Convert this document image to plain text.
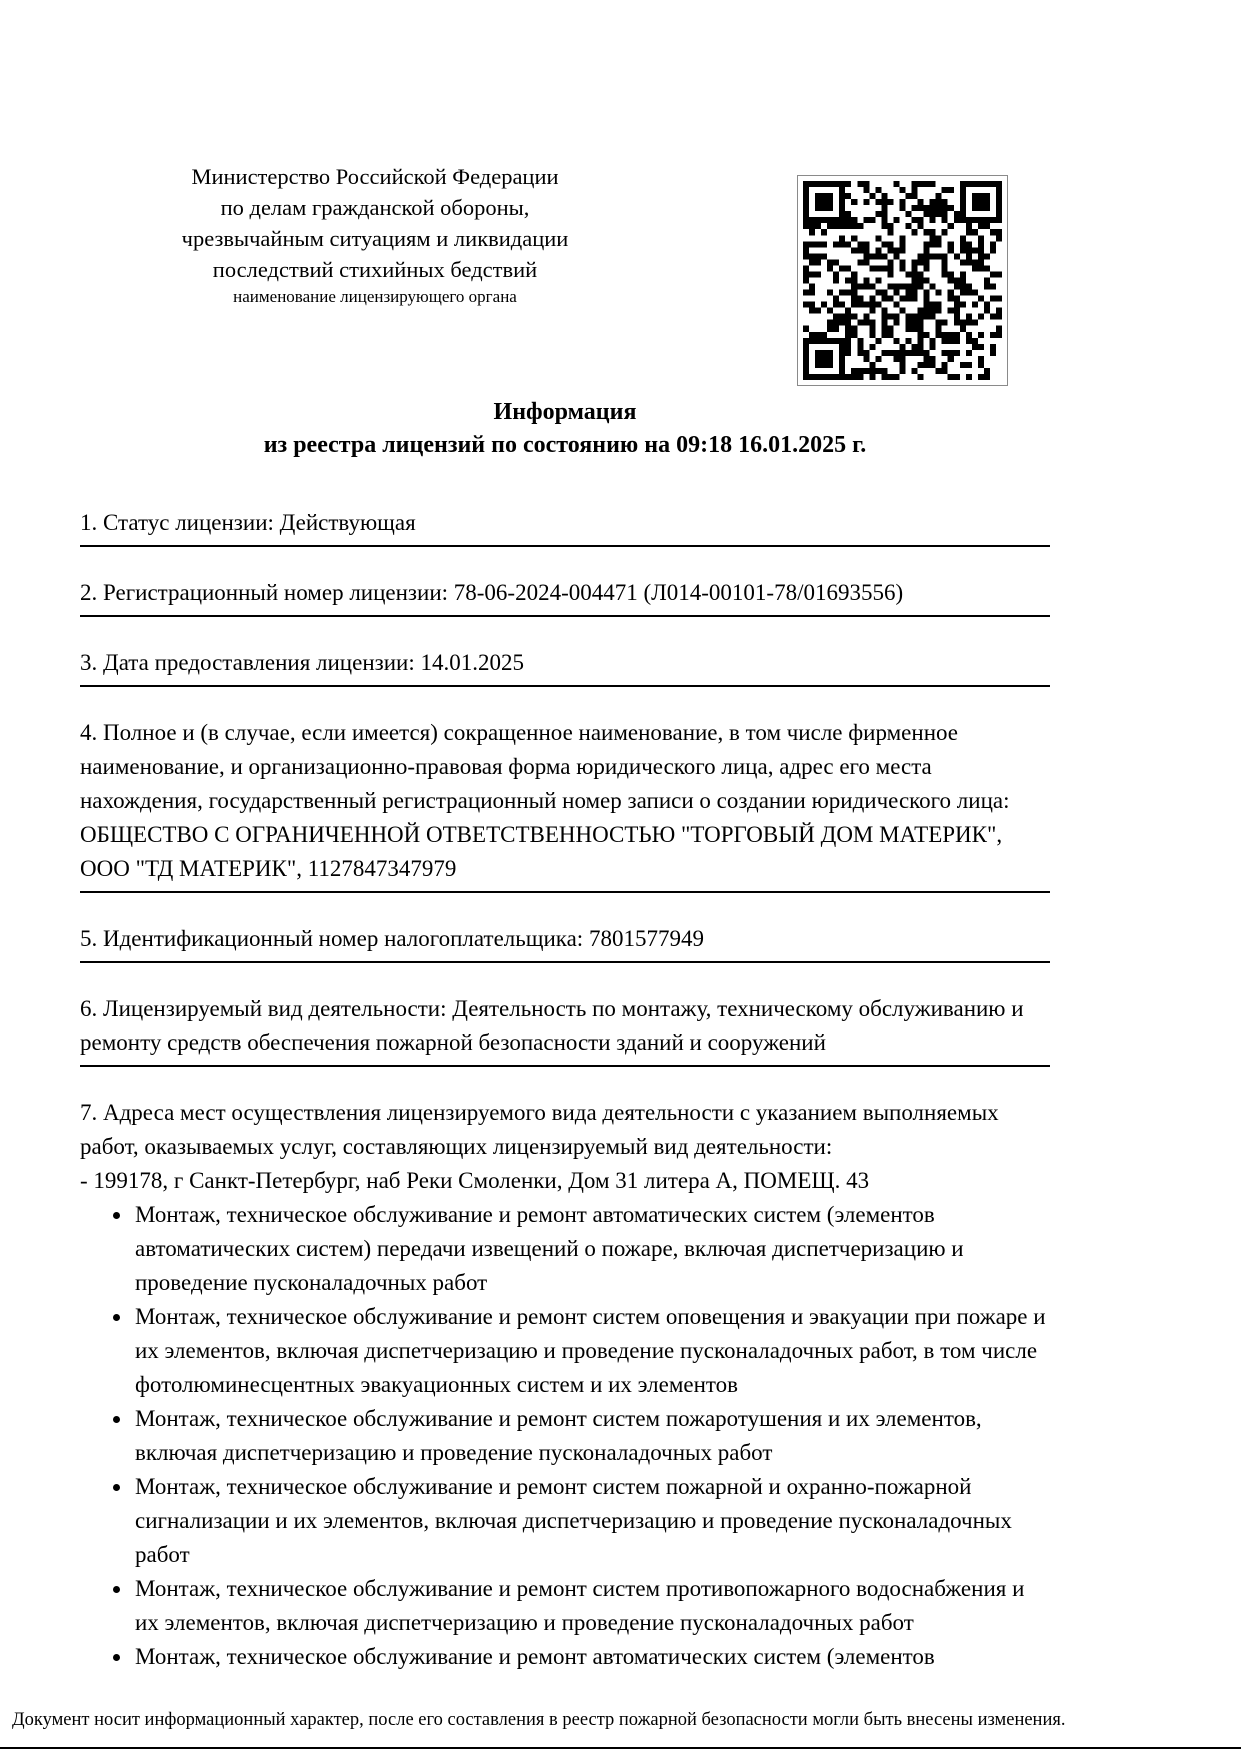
Министерство Российской Федерации
по делам гражданской обороны,
чрезвычайным ситуациям и ликвидации
последствий стихийных бедствий
наименование лицензирующего органа
Информация
из реестра лицензий по состоянию на 09:18 16.01.2025 г.
1. Статус лицензии: Действующая
2. Регистрационный номер лицензии: 78-06-2024-004471 (Л014-00101-78/01693556)
3. Дата предоставления лицензии: 14.01.2025
4. Полное и (в случае, если имеется) сокращенное наименование, в том числе фирменное наименование, и организационно-правовая форма юридического лица, адрес его места нахождения, государственный регистрационный номер записи о создании юридического лица: ОБЩЕСТВО С ОГРАНИЧЕННОЙ ОТВЕТСТВЕННОСТЬЮ "ТОРГОВЫЙ ДОМ МАТЕРИК", ООО "ТД МАТЕРИК", 1127847347979
5. Идентификационный номер налогоплательщика: 7801577949
6. Лицензируемый вид деятельности: Деятельность по монтажу, техническому обслуживанию и ремонту средств обеспечения пожарной безопасности зданий и сооружений
7. Адреса мест осуществления лицензируемого вида деятельности с указанием выполняемых работ, оказываемых услуг, составляющих лицензируемый вид деятельности:
- 199178, г Санкт-Петербург, наб Реки Смоленки, Дом 31 литера А, ПОМЕЩ. 43
• Монтаж, техническое обслуживание и ремонт автоматических систем (элементов автоматических систем) передачи извещений о пожаре, включая диспетчеризацию и проведение пусконаладочных работ
• Монтаж, техническое обслуживание и ремонт систем оповещения и эвакуации при пожаре и их элементов, включая диспетчеризацию и проведение пусконаладочных работ, в том числе фотолюминесцентных эвакуационных систем и их элементов
• Монтаж, техническое обслуживание и ремонт систем пожаротушения и их элементов, включая диспетчеризацию и проведение пусконаладочных работ
• Монтаж, техническое обслуживание и ремонт систем пожарной и охранно-пожарной сигнализации и их элементов, включая диспетчеризацию и проведение пусконаладочных работ
• Монтаж, техническое обслуживание и ремонт систем противопожарного водоснабжения и их элементов, включая диспетчеризацию и проведение пусконаладочных работ
• Монтаж, техническое обслуживание и ремонт автоматических систем (элементов
Документ носит информационный характер, после его составления в реестр пожарной безопасности могли быть внесены изменения.
